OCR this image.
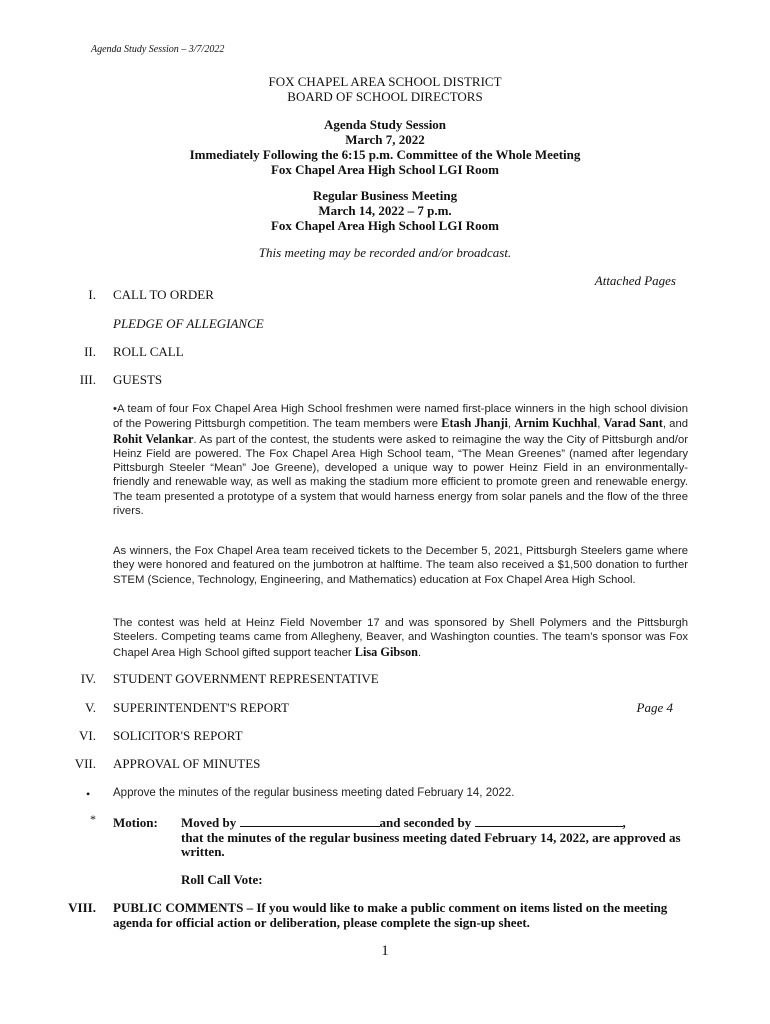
Agenda Study Session – 3/7/2022
FOX CHAPEL AREA SCHOOL DISTRICT
BOARD OF SCHOOL DIRECTORS
Agenda Study Session
March 7, 2022
Immediately Following the 6:15 p.m. Committee of the Whole Meeting
Fox Chapel Area High School LGI Room
Regular Business Meeting
March 14, 2022 – 7 p.m.
Fox Chapel Area High School LGI Room
This meeting may be recorded and/or broadcast.
Attached Pages
I. CALL TO ORDER
PLEDGE OF ALLEGIANCE
II. ROLL CALL
III. GUESTS
•A team of four Fox Chapel Area High School freshmen were named first-place winners in the high school division of the Powering Pittsburgh competition. The team members were Etash Jhanji, Arnim Kuchhal, Varad Sant, and Rohit Velankar. As part of the contest, the students were asked to reimagine the way the City of Pittsburgh and/or Heinz Field are powered. The Fox Chapel Area High School team, “The Mean Greenes” (named after legendary Pittsburgh Steeler “Mean” Joe Greene), developed a unique way to power Heinz Field in an environmentally-friendly and renewable way, as well as making the stadium more efficient to promote green and renewable energy. The team presented a prototype of a system that would harness energy from solar panels and the flow of the three rivers.
As winners, the Fox Chapel Area team received tickets to the December 5, 2021, Pittsburgh Steelers game where they were honored and featured on the jumbotron at halftime. The team also received a $1,500 donation to further STEM (Science, Technology, Engineering, and Mathematics) education at Fox Chapel Area High School.
The contest was held at Heinz Field November 17 and was sponsored by Shell Polymers and the Pittsburgh Steelers. Competing teams came from Allegheny, Beaver, and Washington counties. The team’s sponsor was Fox Chapel Area High School gifted support teacher Lisa Gibson.
IV. STUDENT GOVERNMENT REPRESENTATIVE
V. SUPERINTENDENT'S REPORT	Page 4
VI. SOLICITOR'S REPORT
VII. APPROVAL OF MINUTES
• Approve the minutes of the regular business meeting dated February 14, 2022.
* Motion: Moved by	and seconded by	,
that the minutes of the regular business meeting dated February 14, 2022, are approved as written.
Roll Call Vote:
VIII. PUBLIC COMMENTS – If you would like to make a public comment on items listed on the meeting agenda for official action or deliberation, please complete the sign-up sheet.
1
